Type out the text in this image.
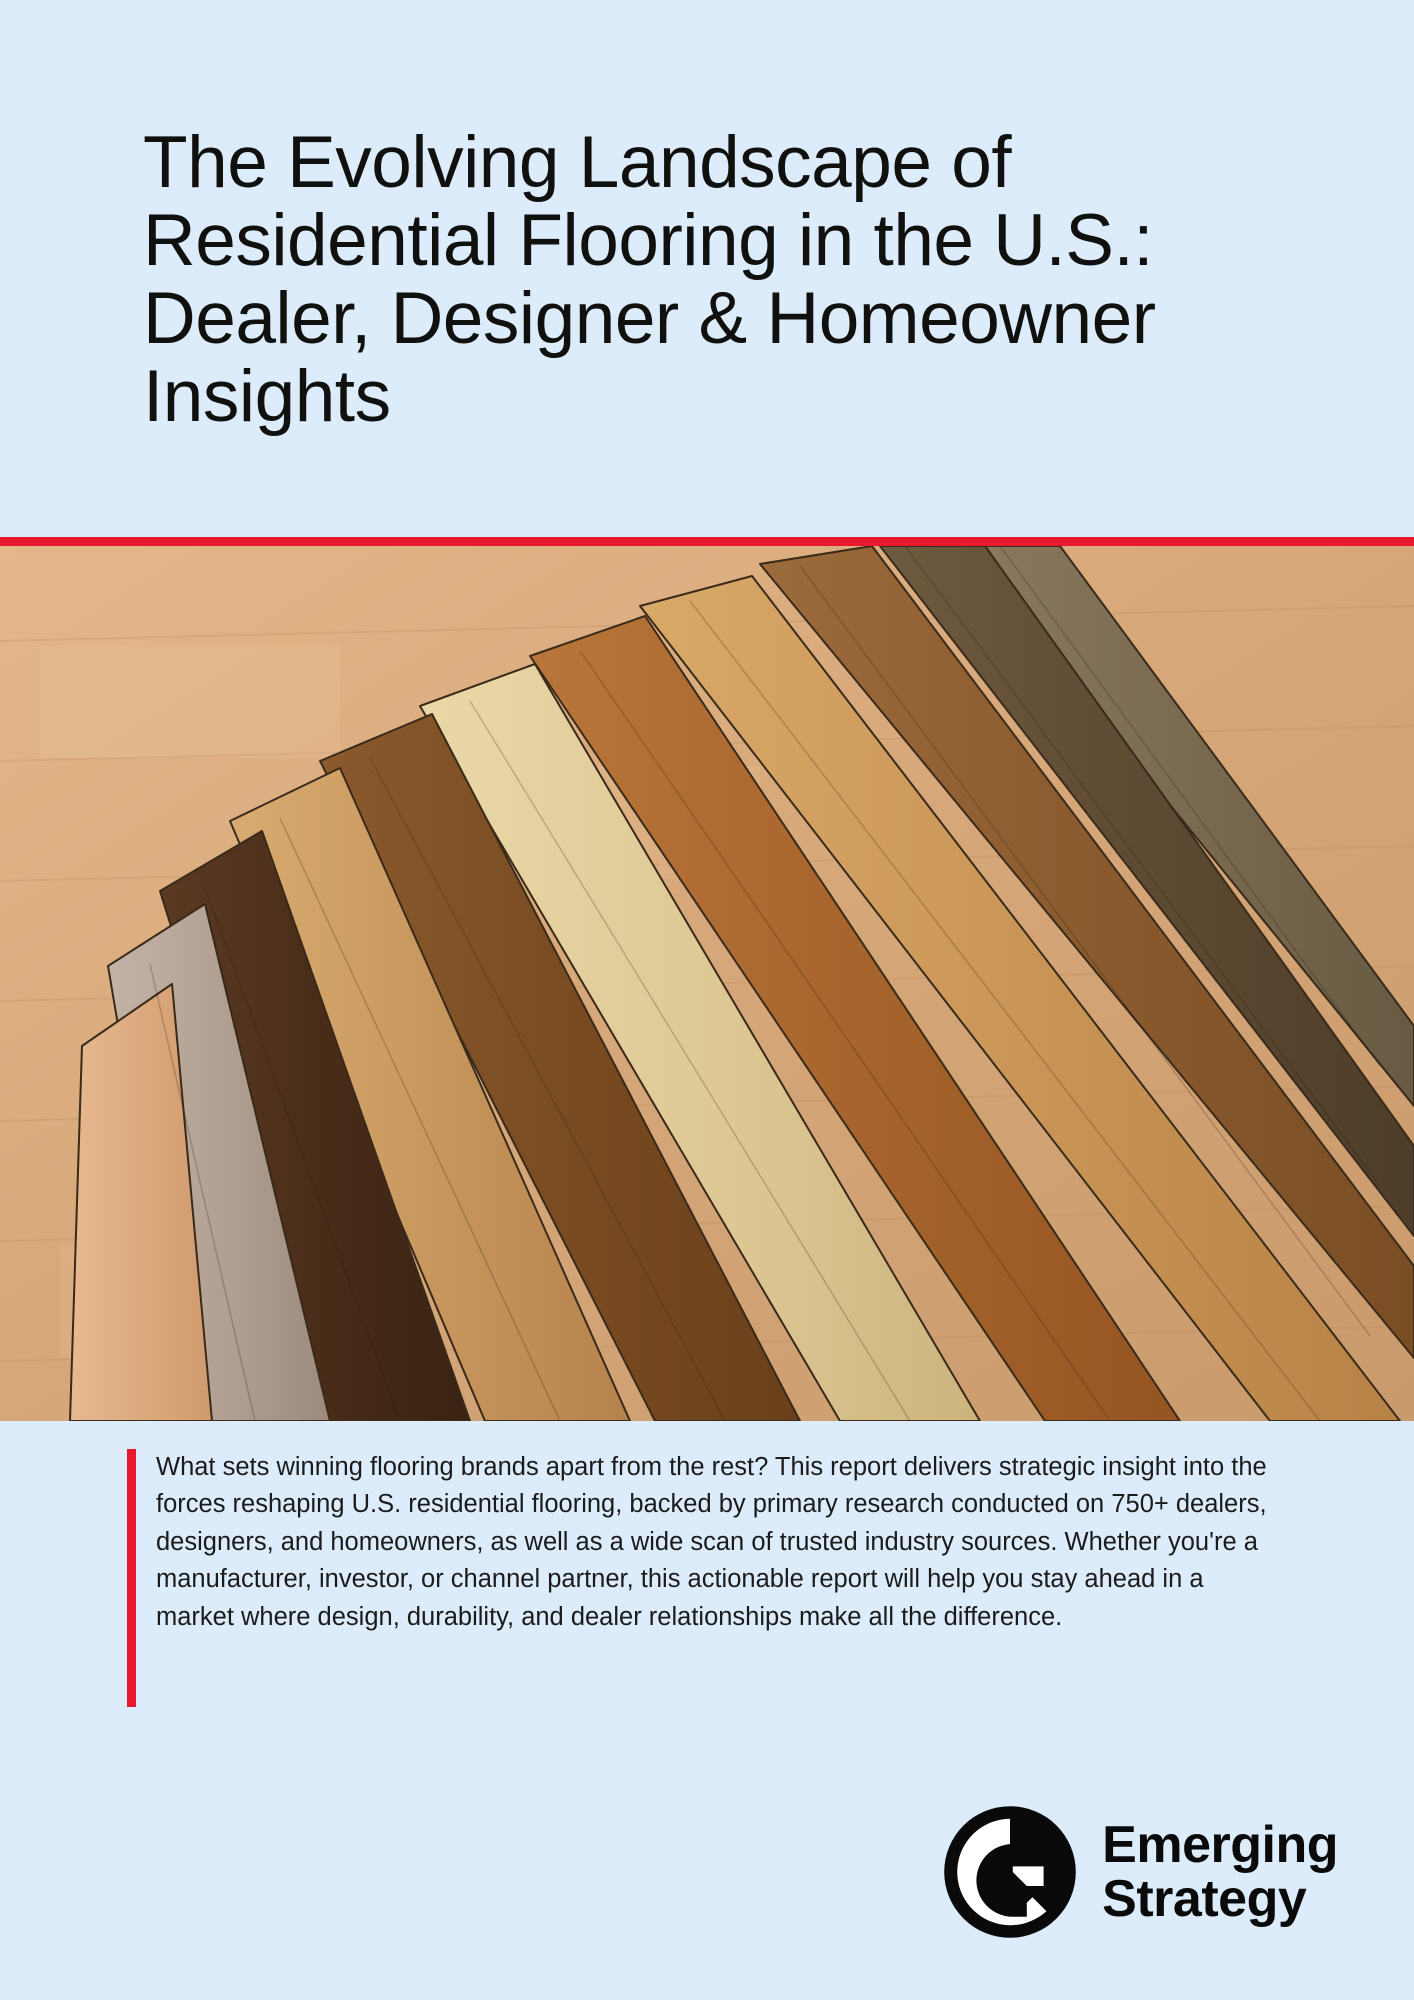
The Evolving Landscape of Residential Flooring in the U.S.: Dealer, Designer & Homeowner Insights

What sets winning flooring brands apart from the rest? This report delivers strategic insight into the forces reshaping U.S. residential flooring, backed by primary research conducted on 750+ dealers, designers, and homeowners, as well as a wide scan of trusted industry sources. Whether you're a manufacturer, investor, or channel partner, this actionable report will help you stay ahead in a market where design, durability, and dealer relationships make all the difference.

Emerging
Strategy
